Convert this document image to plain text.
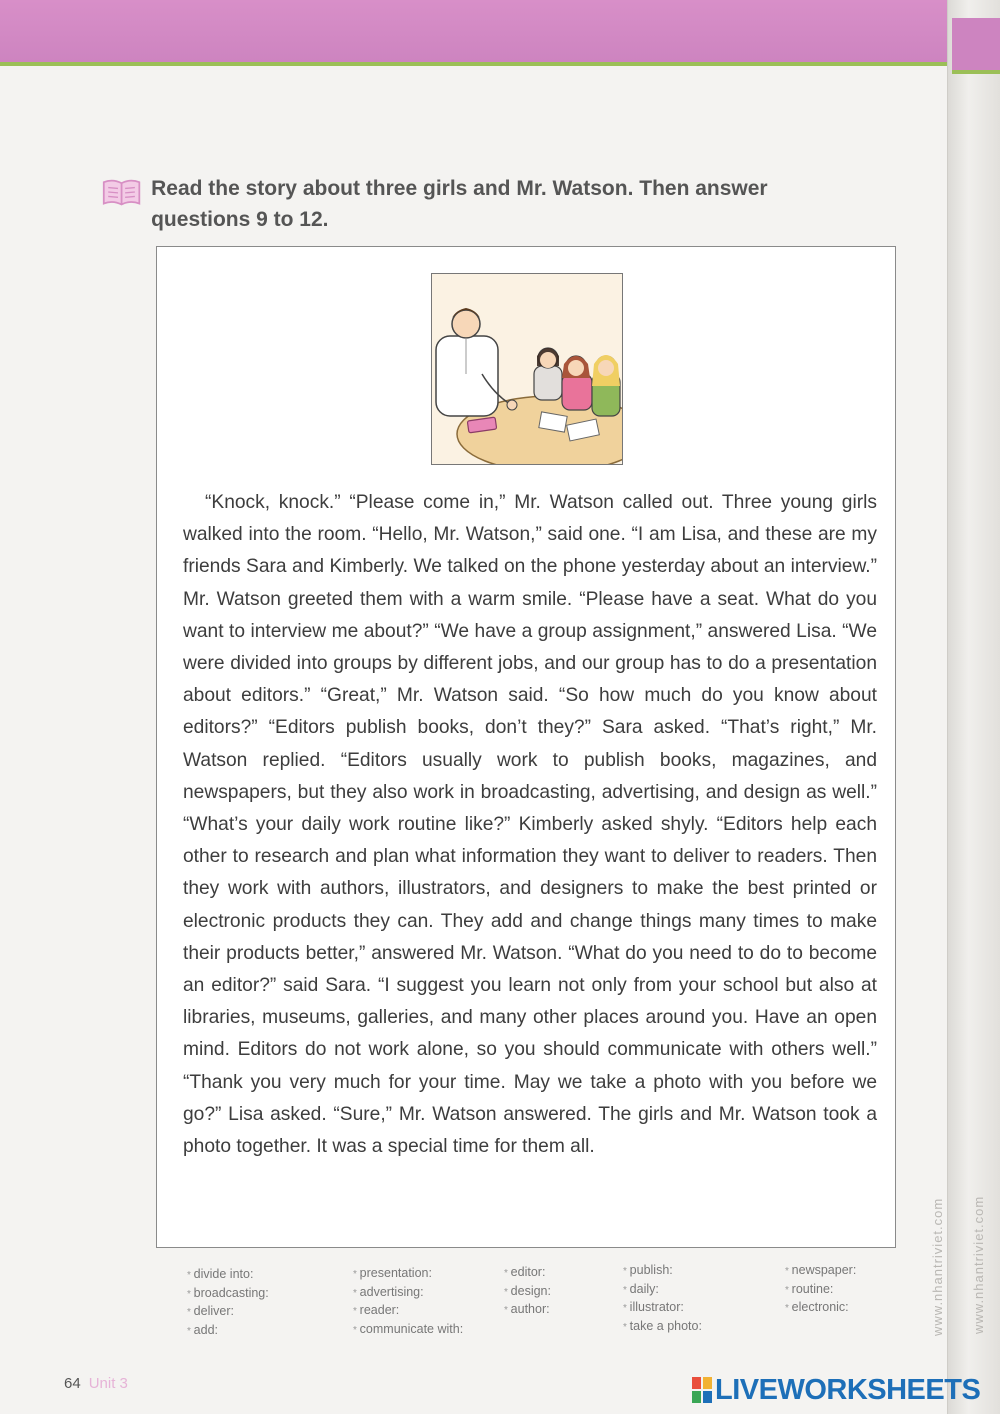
www.nhantriviet.com www.nhantriviet.com
Read the story about three girls and Mr. Watson. Then answer questions 9 to 12.
“Knock, knock.” “Please come in,” Mr. Watson called out. Three young girls walked into the room. “Hello, Mr. Watson,” said one. “I am Lisa, and these are my friends Sara and Kimberly. We talked on the phone yesterday about an interview.” Mr. Watson greeted them with a warm smile. “Please have a seat. What do you want to interview me about?” “We have a group assignment,” answered Lisa. “We were divided into groups by different jobs, and our group has to do a presentation about editors.” “Great,” Mr. Watson said. “So how much do you know about editors?” “Editors publish books, don’t they?” Sara asked. “That’s right,” Mr. Watson replied. “Editors usually work to publish books, magazines, and newspapers, but they also work in broadcasting, advertising, and design as well.” “What’s your daily work routine like?” Kimberly asked shyly. “Editors help each other to research and plan what information they want to deliver to readers. Then they work with authors, illustrators, and designers to make the best printed or electronic products they can. They add and change things many times to make their products better,” answered Mr. Watson. “What do you need to do to become an editor?” said Sara. “I suggest you learn not only from your school but also at libraries, museums, galleries, and many other places around you. Have an open mind. Editors do not work alone, so you should communicate with others well.” “Thank you very much for your time. May we take a photo with you before we go?” Lisa asked. “Sure,” Mr. Watson answered. The girls and Mr. Watson took a photo together. It was a special time for them all.
* divide into:
* broadcasting:
* deliver:
* add:
* presentation:
* advertising:
* reader:
* communicate with:
* editor:
* design:
* author:
* publish:
* daily:
* illustrator:
* take a photo:
* newspaper:
* routine:
* electronic:
64 Unit 3	LIVEWORKSHEETS
